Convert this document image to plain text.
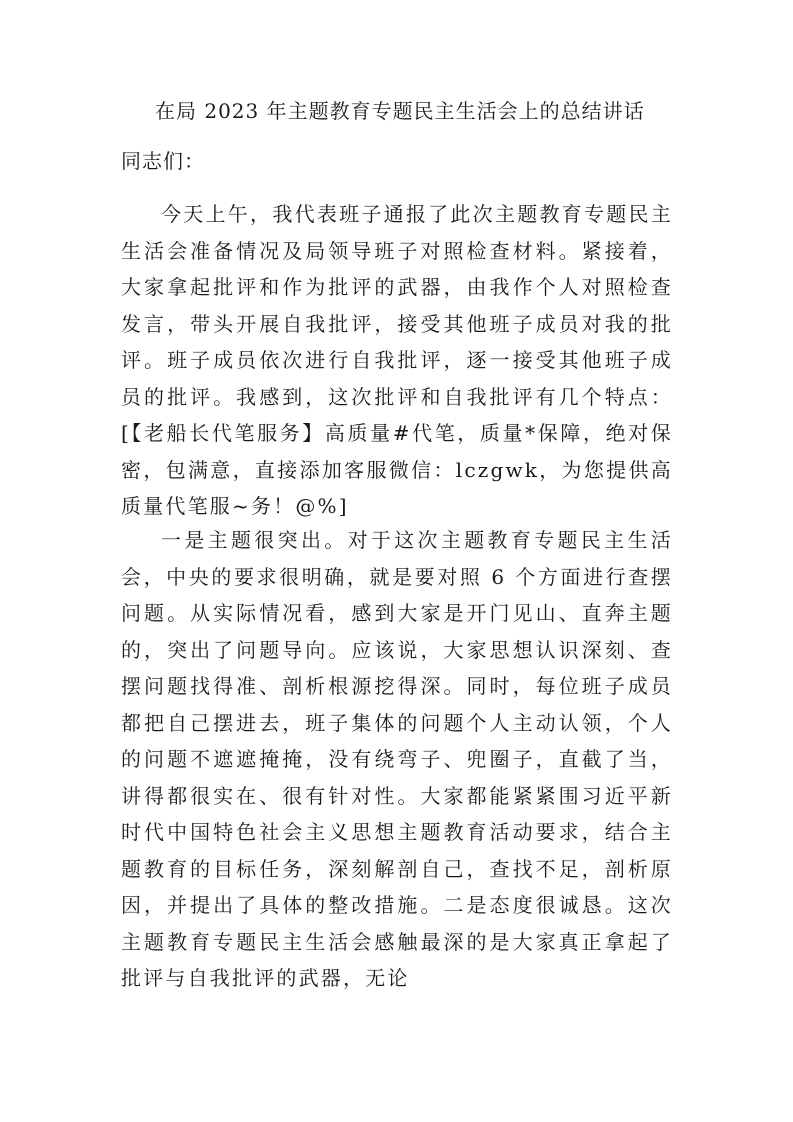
在局 2023 年主题教育专题民主生活会上的总结讲话
同志们：

今天上午，我代表班子通报了此次主题教育专题民主生活会准备情况及局领导班子对照检查材料。紧接着，大家拿起批评和作为批评的武器，由我作个人对照检查发言，带头开展自我批评，接受其他班子成员对我的批评。班子成员依次进行自我批评，逐一接受其他班子成员的批评。我感到，这次批评和自我批评有几个特点：[【老船长代笔服务】高质量#代笔，质量*保障，绝对保密，包满意，直接添加客服微信：lczgwk，为您提供高质量代笔服~务！@%]

一是主题很突出。对于这次主题教育专题民主生活会，中央的要求很明确，就是要对照 6 个方面进行查摆问题。从实际情况看，感到大家是开门见山、直奔主题的，突出了问题导向。应该说，大家思想认识深刻、查摆问题找得准、剖析根源挖得深。同时，每位班子成员都把自己摆进去，班子集体的问题个人主动认领，个人的问题不遮遮掩掩，没有绕弯子、兜圈子，直截了当，讲得都很实在、很有针对性。大家都能紧紧围习近平新时代中国特色社会主义思想主题教育活动要求，结合主题教育的目标任务，深刻解剖自己，查找不足，剖析原因，并提出了具体的整改措施。二是态度很诚恳。这次主题教育专题民主生活会感触最深的是大家真正拿起了批评与自我批评的武器，无论
